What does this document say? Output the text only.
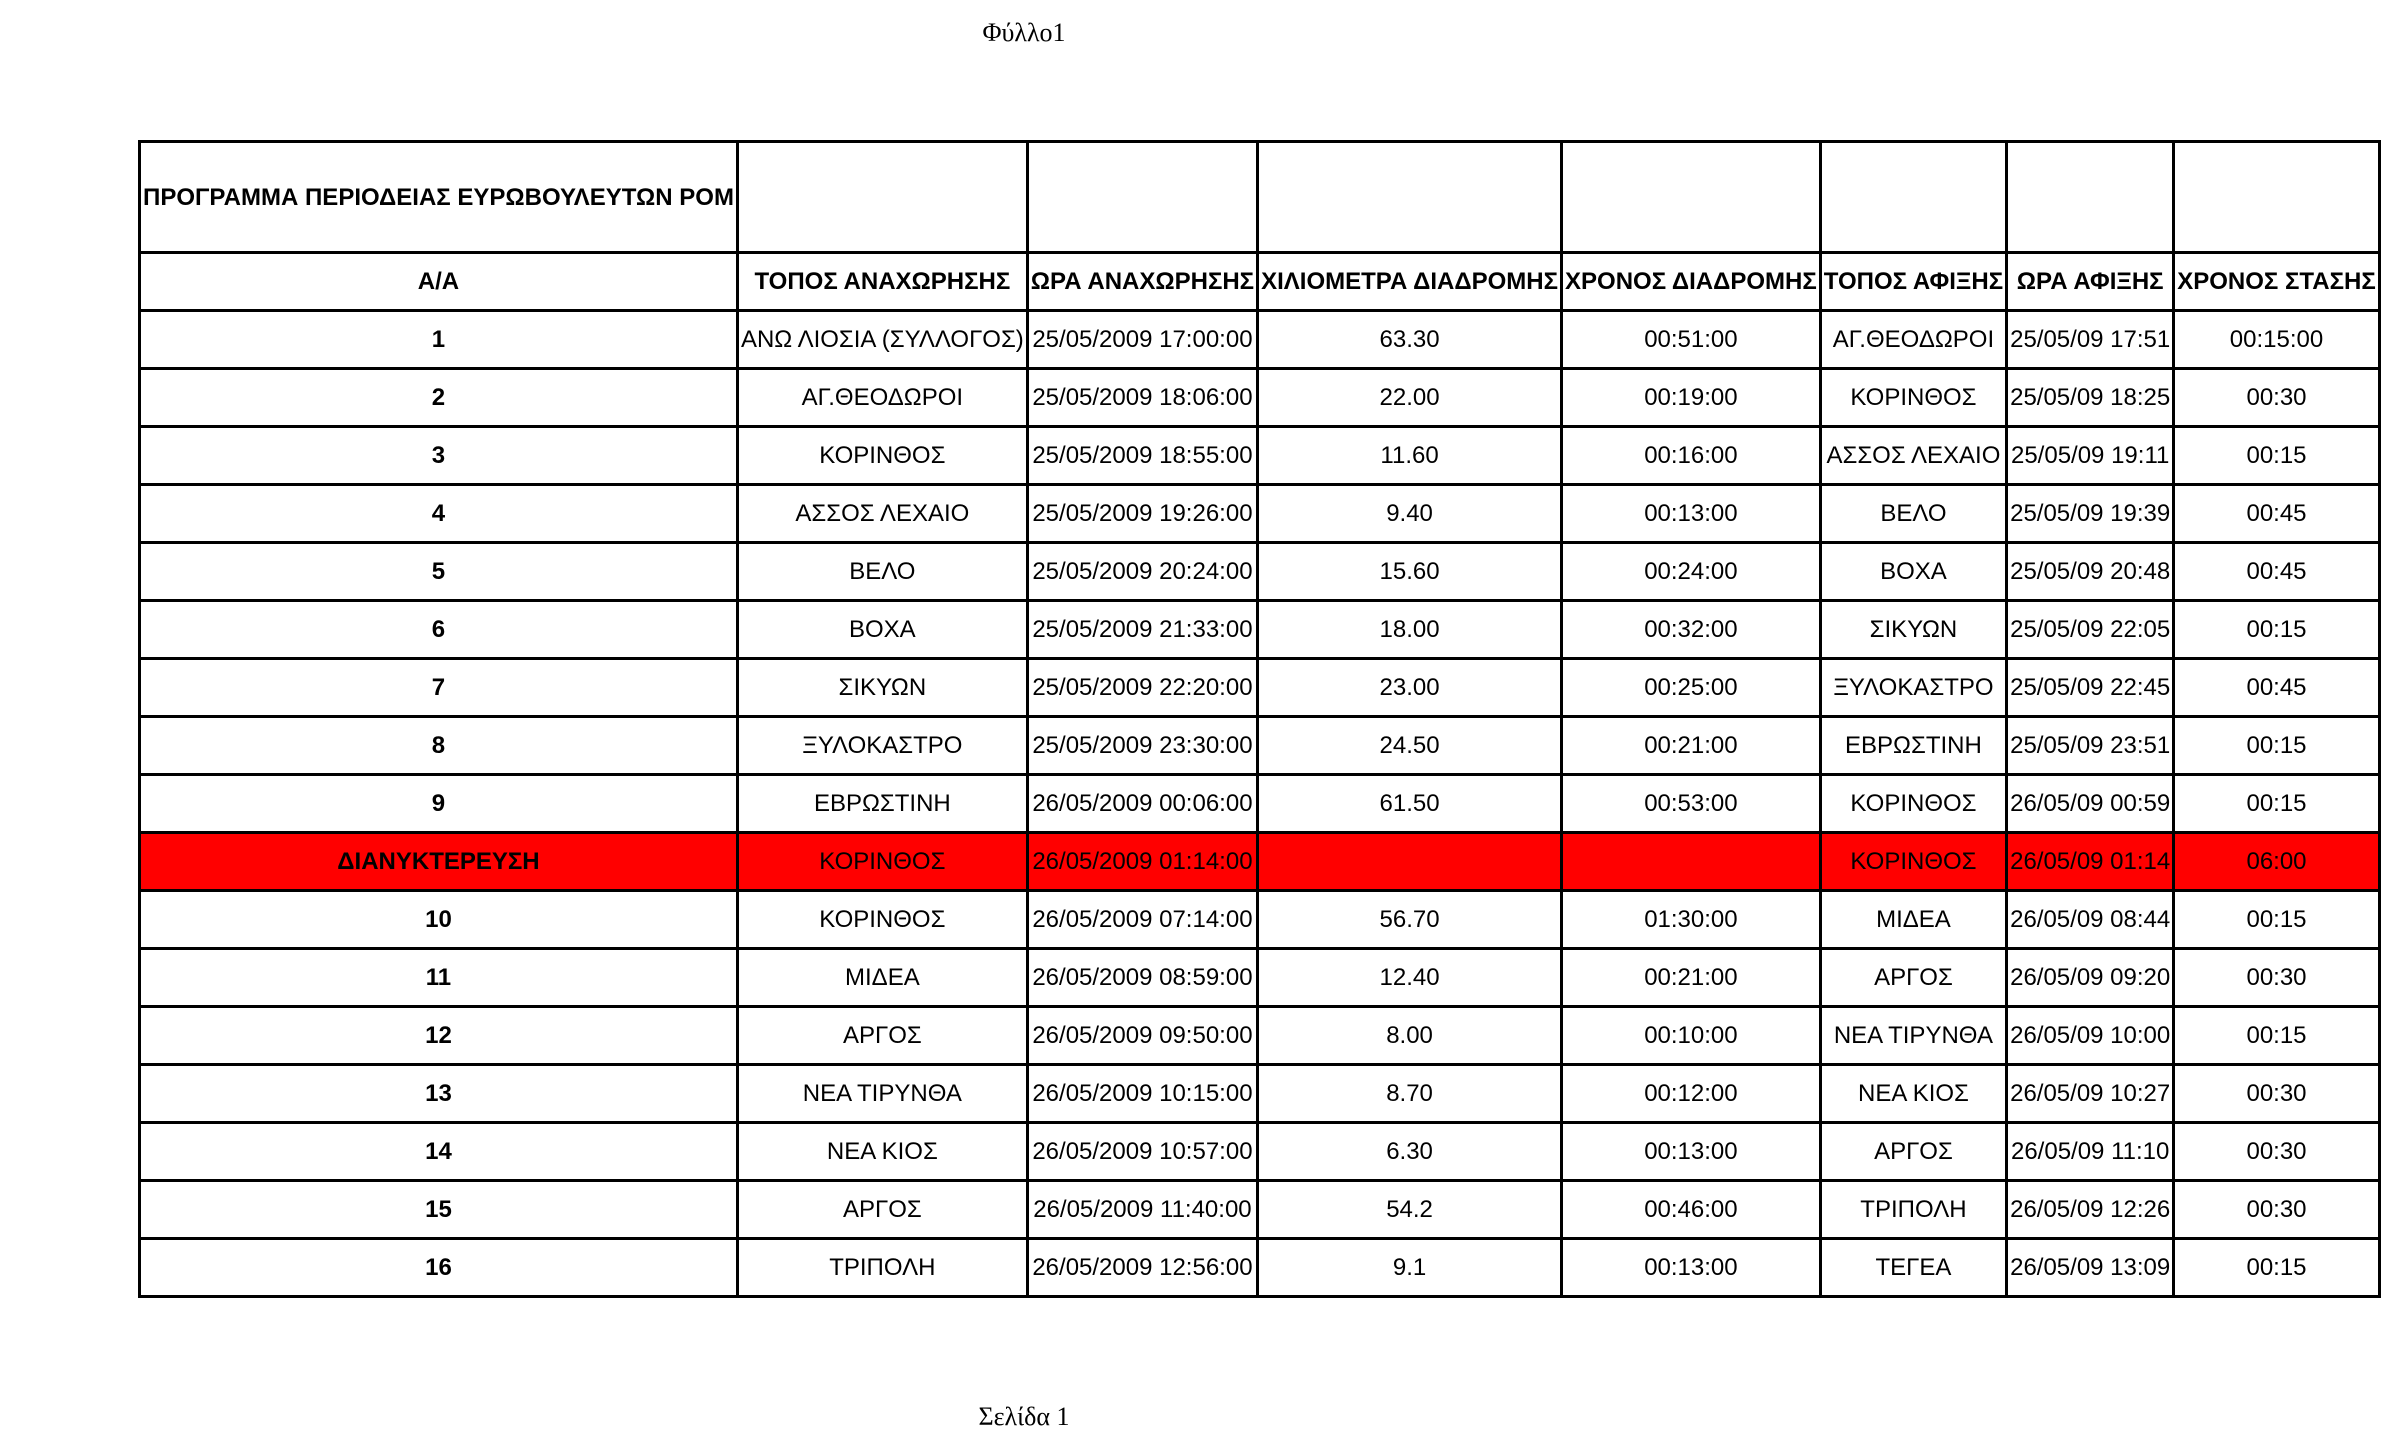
Φύλλο1
ΠΡΟΓΡΑΜΜΑ ΠΕΡΙΟΔΕΙΑΣ ΕΥΡΩΒΟΥΛΕΥΤΩΝ ΡΟΜ							
Α/Α	ΤΟΠΟΣ ΑΝΑΧΩΡΗΣΗΣ	ΩΡΑ ΑΝΑΧΩΡΗΣΗΣ	ΧΙΛΙΟΜΕΤΡΑ ΔΙΑΔΡΟΜΗΣ	ΧΡΟΝΟΣ ΔΙΑΔΡΟΜΗΣ	ΤΟΠΟΣ ΑΦΙΞΗΣ	ΩΡΑ ΑΦΙΞΗΣ	ΧΡΟΝΟΣ ΣΤΑΣΗΣ
1	ΑΝΩ ΛΙΟΣΙΑ (ΣΥΛΛΟΓΟΣ)	25/05/2009 17:00:00	63.30	00:51:00	ΑΓ.ΘΕΟΔΩΡΟΙ	25/05/09 17:51	00:15:00
2	ΑΓ.ΘΕΟΔΩΡΟΙ	25/05/2009 18:06:00	22.00	00:19:00	ΚΟΡΙΝΘΟΣ	25/05/09 18:25	00:30
3	ΚΟΡΙΝΘΟΣ	25/05/2009 18:55:00	11.60	00:16:00	ΑΣΣΟΣ ΛΕΧΑΙΟ	25/05/09 19:11	00:15
4	ΑΣΣΟΣ ΛΕΧΑΙΟ	25/05/2009 19:26:00	9.40	00:13:00	ΒΕΛΟ	25/05/09 19:39	00:45
5	ΒΕΛΟ	25/05/2009 20:24:00	15.60	00:24:00	ΒΟΧΑ	25/05/09 20:48	00:45
6	ΒΟΧΑ	25/05/2009 21:33:00	18.00	00:32:00	ΣΙΚΥΩΝ	25/05/09 22:05	00:15
7	ΣΙΚΥΩΝ	25/05/2009 22:20:00	23.00	00:25:00	ΞΥΛΟΚΑΣΤΡΟ	25/05/09 22:45	00:45
8	ΞΥΛΟΚΑΣΤΡΟ	25/05/2009 23:30:00	24.50	00:21:00	ΕΒΡΩΣΤΙΝΗ	25/05/09 23:51	00:15
9	ΕΒΡΩΣΤΙΝΗ	26/05/2009 00:06:00	61.50	00:53:00	ΚΟΡΙΝΘΟΣ	26/05/09 00:59	00:15
ΔΙΑΝΥΚΤΕΡΕΥΣΗ	ΚΟΡΙΝΘΟΣ	26/05/2009 01:14:00			ΚΟΡΙΝΘΟΣ	26/05/09 01:14	06:00
10	ΚΟΡΙΝΘΟΣ	26/05/2009 07:14:00	56.70	01:30:00	ΜΙΔΕΑ	26/05/09 08:44	00:15
11	ΜΙΔΕΑ	26/05/2009 08:59:00	12.40	00:21:00	ΑΡΓΟΣ	26/05/09 09:20	00:30
12	ΑΡΓΟΣ	26/05/2009 09:50:00	8.00	00:10:00	ΝΕΑ ΤΙΡΥΝΘΑ	26/05/09 10:00	00:15
13	ΝΕΑ ΤΙΡΥΝΘΑ	26/05/2009 10:15:00	8.70	00:12:00	ΝΕΑ ΚΙΟΣ	26/05/09 10:27	00:30
14	ΝΕΑ ΚΙΟΣ	26/05/2009 10:57:00	6.30	00:13:00	ΑΡΓΟΣ	26/05/09 11:10	00:30
15	ΑΡΓΟΣ	26/05/2009 11:40:00	54.2	00:46:00	ΤΡΙΠΟΛΗ	26/05/09 12:26	00:30
16	ΤΡΙΠΟΛΗ	26/05/2009 12:56:00	9.1	00:13:00	ΤΕΓΕΑ	26/05/09 13:09	00:15
Σελίδα 1
